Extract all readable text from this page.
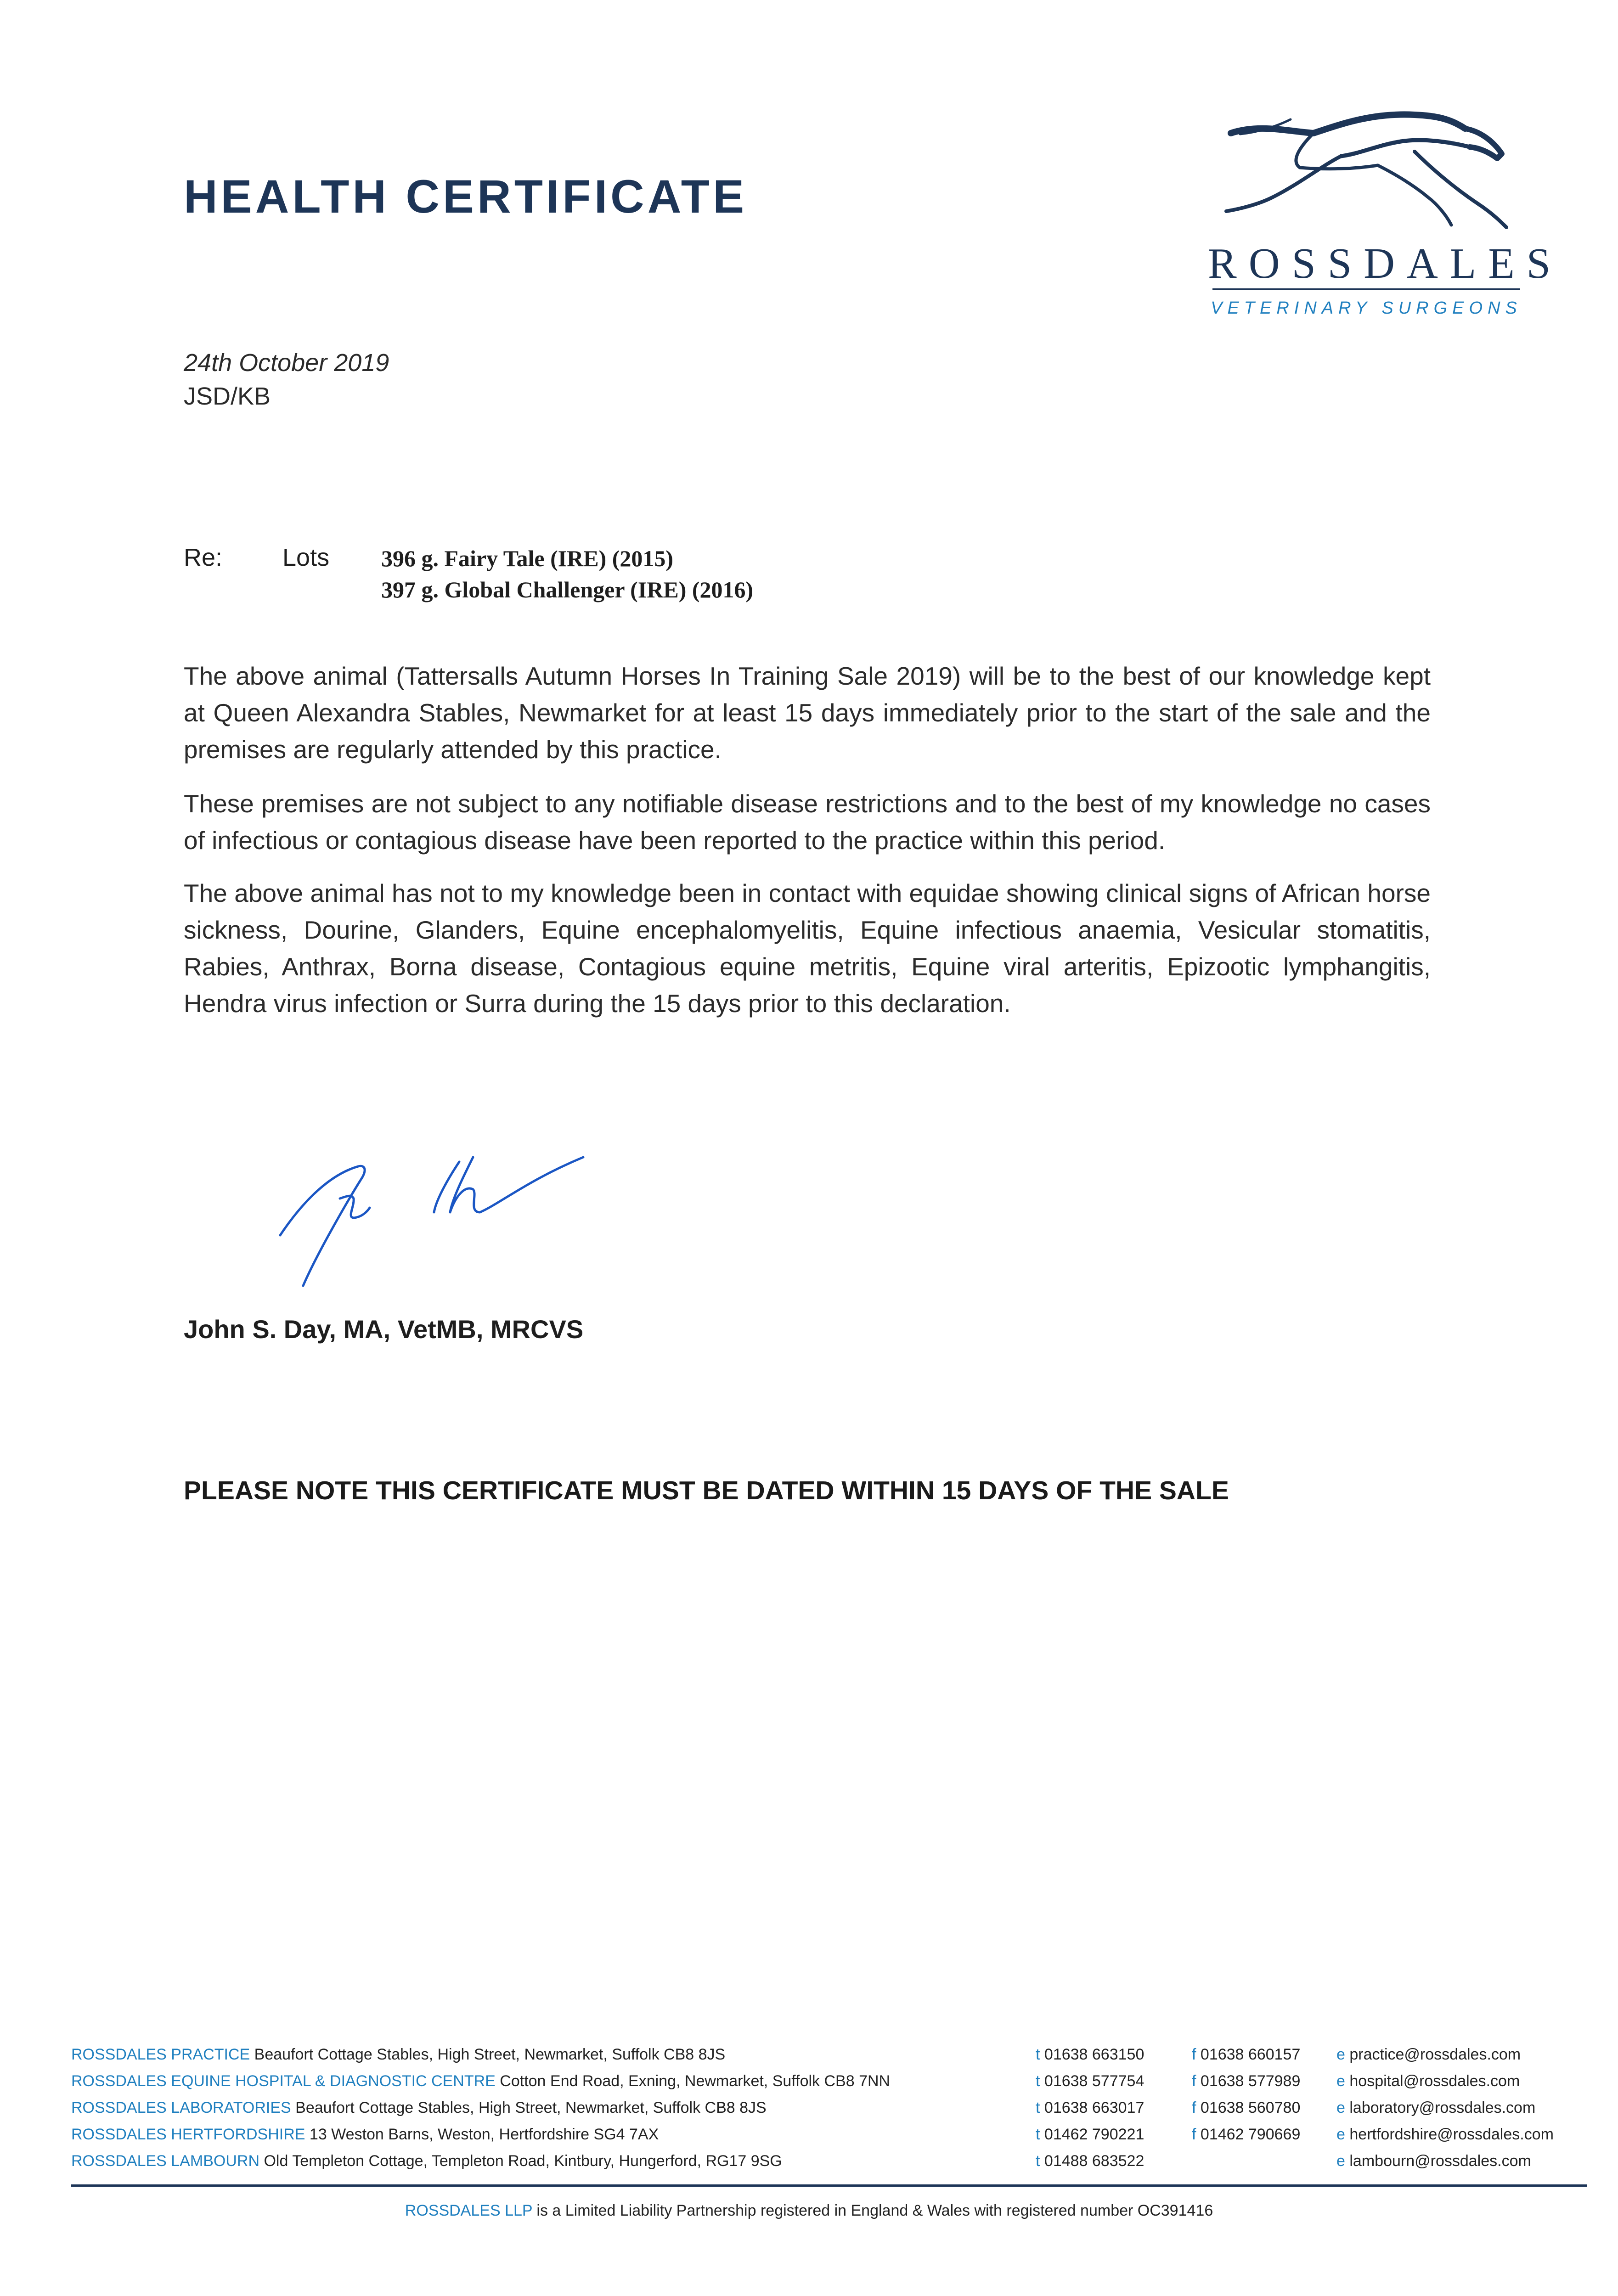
HEALTH CERTIFICATE
ROSSDALES
VETERINARY SURGEONS
24th October 2019
JSD/KB
Re: Lots 396 g. Fairy Tale (IRE) (2015)
397 g. Global Challenger (IRE) (2016)

The above animal (Tattersalls Autumn Horses In Training Sale 2019) will be to the best of our knowledge kept at Queen Alexandra Stables, Newmarket for at least 15 days immediately prior to the start of the sale and the premises are regularly attended by this practice.

These premises are not subject to any notifiable disease restrictions and to the best of my knowledge no cases of infectious or contagious disease have been reported to the practice within this period.

The above animal has not to my knowledge been in contact with equidae showing clinical signs of African horse sickness, Dourine, Glanders, Equine encephalomyelitis, Equine infectious anaemia, Vesicular stomatitis, Rabies, Anthrax, Borna disease, Contagious equine metritis, Equine viral arteritis, Epizootic lymphangitis, Hendra virus infection or Surra during the 15 days prior to this declaration.

John S. Day, MA, VetMB, MRCVS
PLEASE NOTE THIS CERTIFICATE MUST BE DATED WITHIN 15 DAYS OF THE SALE
ROSSDALES PRACTICE Beaufort Cottage Stables, High Street, Newmarket, Suffolk CB8 8JS	t 01638 663150	f 01638 660157 e practice@rossdales.com
ROSSDALES EQUINE HOSPITAL & DIAGNOSTIC CENTRE Cotton End Road, Exning, Newmarket, Suffolk CB8 7NN	t 01638 577754	f 01638 577989 e hospital@rossdales.com
ROSSDALES LABORATORIES Beaufort Cottage Stables, High Street, Newmarket, Suffolk CB8 8JS	t 01638 663017	f 01638 560780 e laboratory@rossdales.com
ROSSDALES HERTFORDSHIRE 13 Weston Barns, Weston, Hertfordshire SG4 7AX	t 01462 790221	f 01462 790669 e hertfordshire@rossdales.com
ROSSDALES LAMBOURN Old Templeton Cottage, Templeton Road, Kintbury, Hungerford, RG17 9SG	t 01488 683522	e lambourn@rossdales.com
ROSSDALES LLP is a Limited Liability Partnership registered in England & Wales with registered number OC391416
